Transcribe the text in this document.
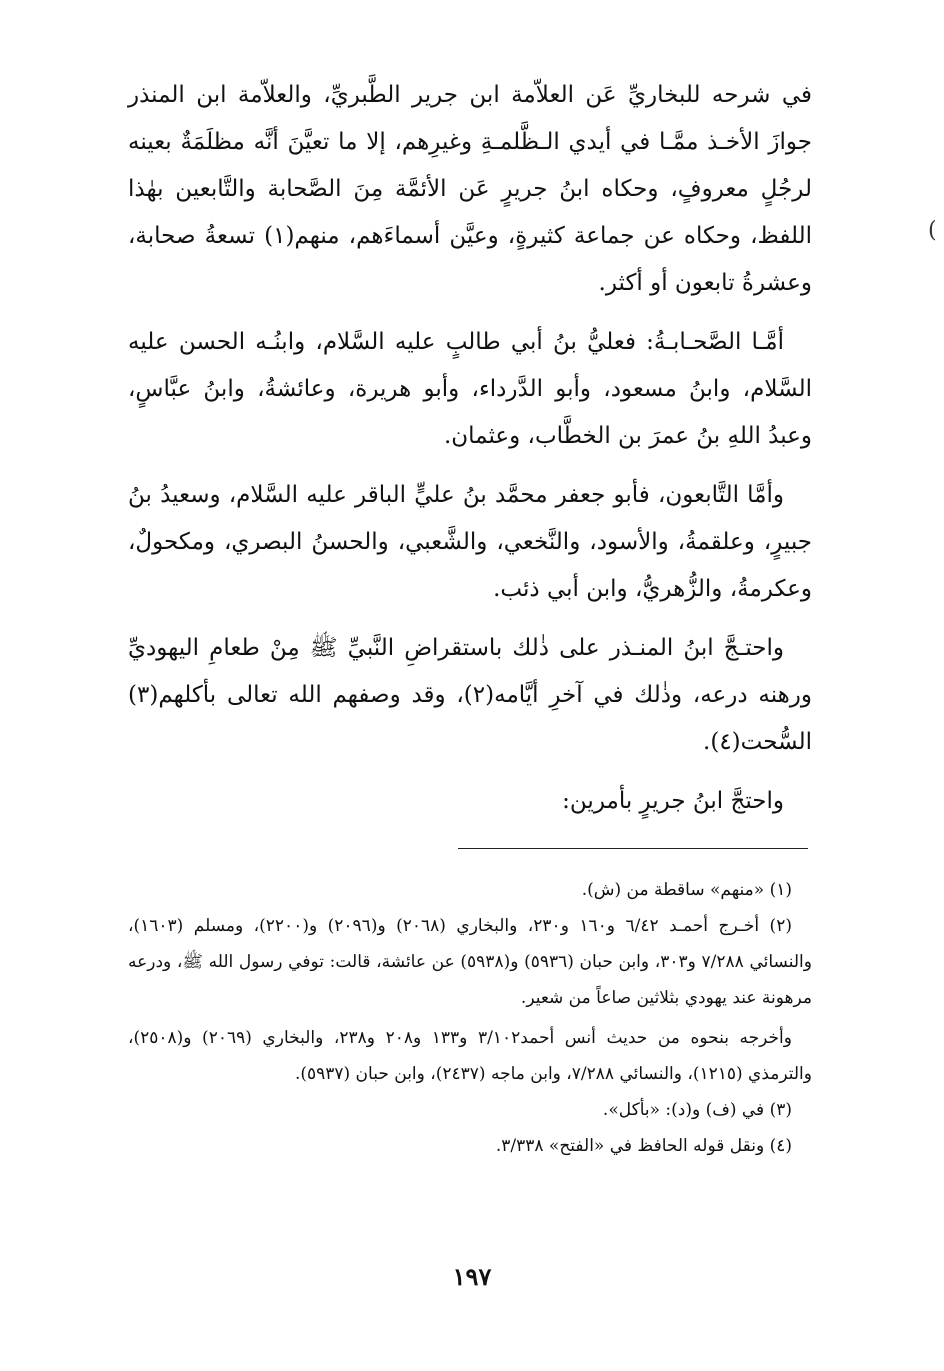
في شرحه للبخاريِّ عَن العلاّمة ابن جرير الطَّبريِّ، والعلاّمة ابن المنذر جوازَ الأخـذ ممَّـا في أيدي الـظَّلمـةِ وغيرِهم، إلا ما تعيَّنَ أنَّه مظلَمَةٌ بعينه لرجُلٍ معروفٍ، وحكاه ابنُ جريرٍ عَن الأئمَّة مِنَ الصَّحابة والتَّابعين بهٰذا اللفظ، وحكاه عن جماعة كثيرةٍ، وعيَّن أسماءَهم، منهم(١) تسعةُ صحابة، وعشرةُ تابعون أو أكثر.

أمَّـا الصَّحـابـةُ: فعليُّ بنُ أبي طالبٍ عليه السَّلام، وابنُـه الحسن عليه السَّلام، وابنُ مسعود، وأبو الدَّرداء، وأبو هريرة، وعائشةُ، وابنُ عبَّاسٍ، وعبدُ اللهِ بنُ عمرَ بن الخطَّاب، وعثمان.

وأمَّا التَّابعون، فأبو جعفر محمَّد بنُ عليٍّ الباقر عليه السَّلام، وسعيدُ بنُ جبيرٍ، وعلقمةُ، والأسود، والنَّخعي، والشَّعبي، والحسنُ البصري، ومكحولٌ، وعكرمةُ، والزُّهريُّ، وابن أبي ذئب.

واحتـجَّ ابنُ المنـذر على ذٰلك باستقراضِ النَّبيِّ ﷺ مِنْ طعامِ اليهوديِّ ورهنه درعه، وذٰلك في آخرِ أيَّامه(٢)، وقد وصفهم الله تعالى بأكلهم(٣) السُّحت(٤).

واحتجَّ ابنُ جريرٍ بأمرين:

(

(١) «منهم» ساقطة من (ش).

(٢) أخـرج أحمـد ٦/٤٢ و١٦٠ و٢٣٠، والبخاري (٢٠٦٨) و(٢٠٩٦) و(٢٢٠٠)، ومسلم (١٦٠٣)، والنسائي ٧/٢٨٨ و٣٠٣، وابن حبان (٥٩٣٦) و(٥٩٣٨) عن عائشة، قالت: توفي رسول الله ﷺ، ودرعه مرهونة عند يهودي بثلاثين صاعاً من شعير.

وأخرجه بنحوه من حديث أنس أحمد٣/١٠٢ و١٣٣ و٢٠٨ و٢٣٨، والبخاري (٢٠٦٩) و(٢٥٠٨)، والترمذي (١٢١٥)، والنسائي ٧/٢٨٨، وابن ماجه (٢٤٣٧)، وابن حبان (٥٩٣٧).

(٣) في (ف) و(د): «بأكل».

(٤) ونقل قوله الحافظ في «الفتح» ٣/٣٣٨.

١٩٧
